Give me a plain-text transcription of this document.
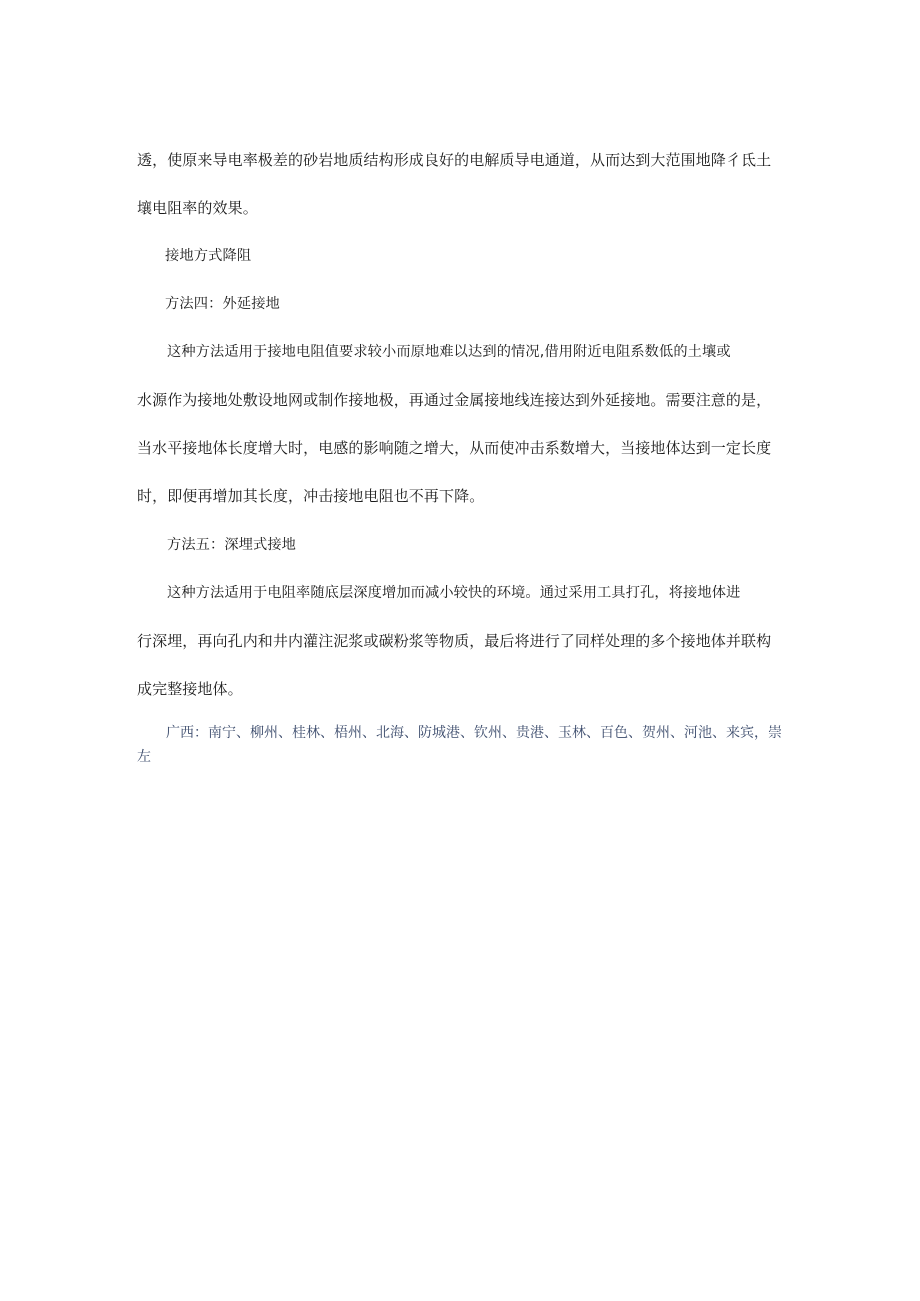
透，使原来导电率极差的砂岩地质结构形成良好的电解质导电通道，从而达到大范围地降彳氐土
壤电阻率的效果。
接地方式降阻
方法四：外延接地
这种方法适用于接地电阻值要求较小而原地难以达到的情况,借用附近电阻系数低的土壤或
水源作为接地处敷设地网或制作接地极，再通过金属接地线连接达到外延接地。需要注意的是，
当水平接地体长度增大时，电感的影响随之增大，从而使冲击系数增大，当接地体达到一定长度
时，即便再增加其长度，冲击接地电阻也不再下降。
方法五：深埋式接地
这种方法适用于电阻率随底层深度增加而减小较快的环境。通过采用工具打孔，将接地体进
行深埋，再向孔内和井内灌注泥浆或碳粉浆等物质，最后将进行了同样处理的多个接地体并联构
成完整接地体。
广西：南宁、柳州、桂林、梧州、北海、防城港、钦州、贵港、玉林、百色、贺州、河池、来宾，崇
左
